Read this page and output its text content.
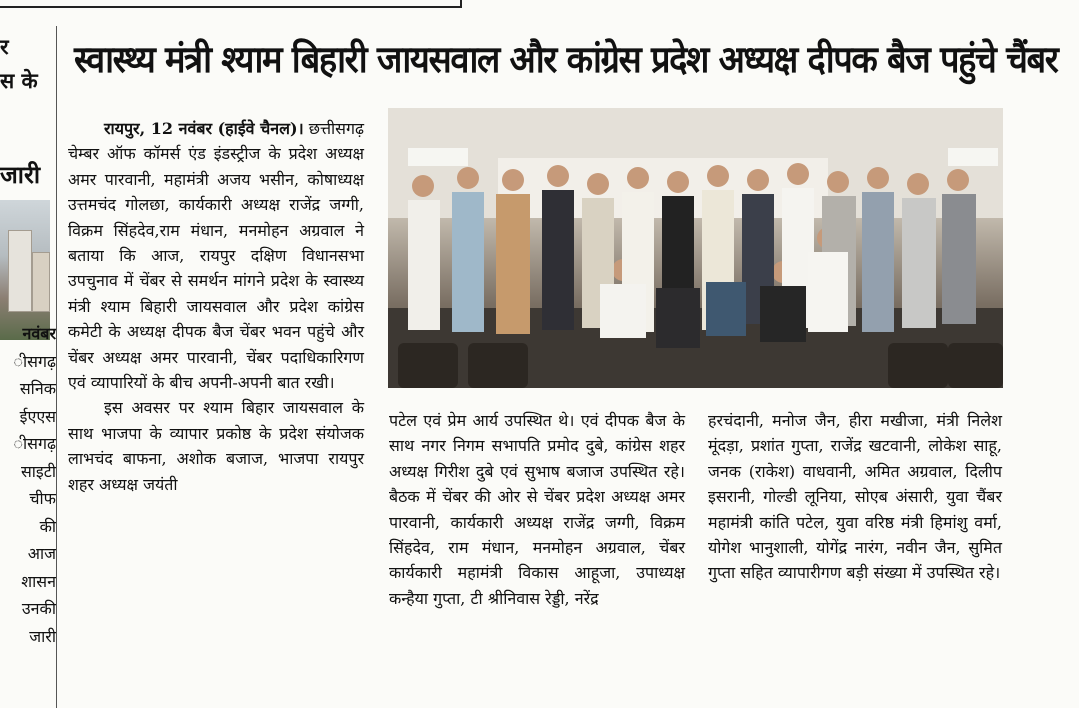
र
स के
जारी
नवंबर
ीसगढ़
सनिक
ईएएस
ीसगढ़
साइटी
चीफ
की
आज
शासन
उनकी
जारी
स्वास्थ्य मंत्री श्याम बिहारी जायसवाल और कांग्रेस प्रदेश अध्यक्ष दीपक बैज पहुंचे चैंबर

रायपुर, 12 नवंबर (हाईवे चैनल)। छत्तीसगढ़ चेम्बर ऑफ कॉमर्स एंड इंडस्ट्रीज के प्रदेश अध्यक्ष अमर पारवानी, महामंत्री अजय भसीन, कोषाध्यक्ष उत्तमचंद गोलछा, कार्यकारी अध्यक्ष राजेंद्र जग्गी, विक्रम सिंहदेव,राम मंधान, मनमोहन अग्रवाल ने बताया कि आज, रायपुर दक्षिण विधानसभा उपचुनाव में चेंबर से समर्थन मांगने प्रदेश के स्वास्थ्य मंत्री श्याम बिहारी जायसवाल और प्रदेश कांग्रेस कमेटी के अध्यक्ष दीपक बैज चेंबर भवन पहुंचे और चेंबर अध्यक्ष अमर पारवानी, चेंबर पदाधिकारिगण एवं व्यापारियों के बीच अपनी-अपनी बात रखी।

इस अवसर पर श्याम बिहार जायसवाल के साथ भाजपा के व्यापार प्रकोष्ठ के प्रदेश संयोजक लाभचंद बाफना, अशोक बजाज, भाजपा रायपुर शहर अध्यक्ष जयंती

पटेल एवं प्रेम आर्य उपस्थित थे। एवं दीपक बैज के साथ नगर निगम सभापति प्रमोद दुबे, कांग्रेस शहर अध्यक्ष गिरीश दुबे एवं सुभाष बजाज उपस्थित रहे। बैठक में चेंबर की ओर से चेंबर प्रदेश अध्यक्ष अमर पारवानी, कार्यकारी अध्यक्ष राजेंद्र जग्गी, विक्रम सिंहदेव, राम मंधान, मनमोहन अग्रवाल, चेंबर कार्यकारी महामंत्री विकास आहूजा, उपाध्यक्ष कन्हैया गुप्ता, टी श्रीनिवास रेड्डी, नरेंद्र

हरचंदानी, मनोज जैन, हीरा मखीजा, मंत्री निलेश मूंदड़ा, प्रशांत गुप्ता, राजेंद्र खटवानी, लोकेश साहू, जनक (राकेश) वाधवानी, अमित अग्रवाल, दिलीप इसरानी, गोल्डी लूनिया, सोएब अंसारी, युवा चैंबर महामंत्री कांति पटेल, युवा वरिष्ठ मंत्री हिमांशु वर्मा, योगेश भानुशाली, योगेंद्र नारंग, नवीन जैन, सुमित गुप्ता सहित व्यापारीगण बड़ी संख्या में उपस्थित रहे।
